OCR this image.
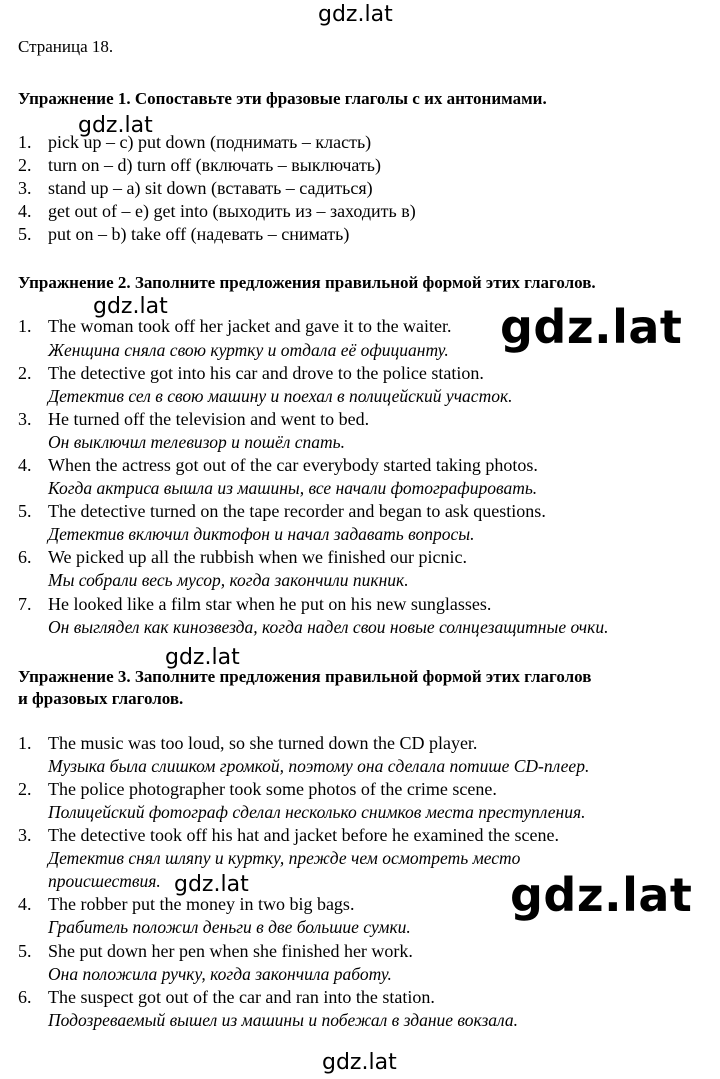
Страница 18.
Упражнение 1. Сопоставьте эти фразовые глаголы с их антонимами.
1. pick up – c) put down (поднимать – класть)
2. turn on – d) turn off (включать – выключать)
3. stand up – a) sit down (вставать – садиться)
4. get out of – e) get into (выходить из – заходить в)
5. put on – b) take off (надевать – снимать)
Упражнение 2. Заполните предложения правильной формой этих глаголов.
1. The woman took off her jacket and gave it to the waiter.
Женщина сняла свою куртку и отдала её официанту.
2. The detective got into his car and drove to the police station.
Детектив сел в свою машину и поехал в полицейский участок.
3. He turned off the television and went to bed.
Он выключил телевизор и пошёл спать.
4. When the actress got out of the car everybody started taking photos.
Когда актриса вышла из машины, все начали фотографировать.
5. The detective turned on the tape recorder and began to ask questions.
Детектив включил диктофон и начал задавать вопросы.
6. We picked up all the rubbish when we finished our picnic.
Мы собрали весь мусор, когда закончили пикник.
7. He looked like a film star when he put on his new sunglasses.
Он выглядел как кинозвезда, когда надел свои новые солнцезащитные очки.
Упражнение 3. Заполните предложения правильной формой этих глаголов
и фразовых глаголов.
1. The music was too loud, so she turned down the CD player.
Музыка была слишком громкой, поэтому она сделала потише CD-плеер.
2. The police photographer took some photos of the crime scene.
Полицейский фотограф сделал несколько снимков места преступления.
3. The detective took off his hat and jacket before he examined the scene.
Детектив снял шляпу и куртку, прежде чем осмотреть место
происшествия.
4. The robber put the money in two big bags.
Грабитель положил деньги в две большие сумки.
5. She put down her pen when she finished her work.
Она положила ручку, когда закончила работу.
6. The suspect got out of the car and ran into the station.
Подозреваемый вышел из машины и побежал в здание вокзала.
gdz.lat
gdz.lat
gdz.lat	gdz.lat
gdz.lat
gdz.lat	gdz.lat
gdz.lat
